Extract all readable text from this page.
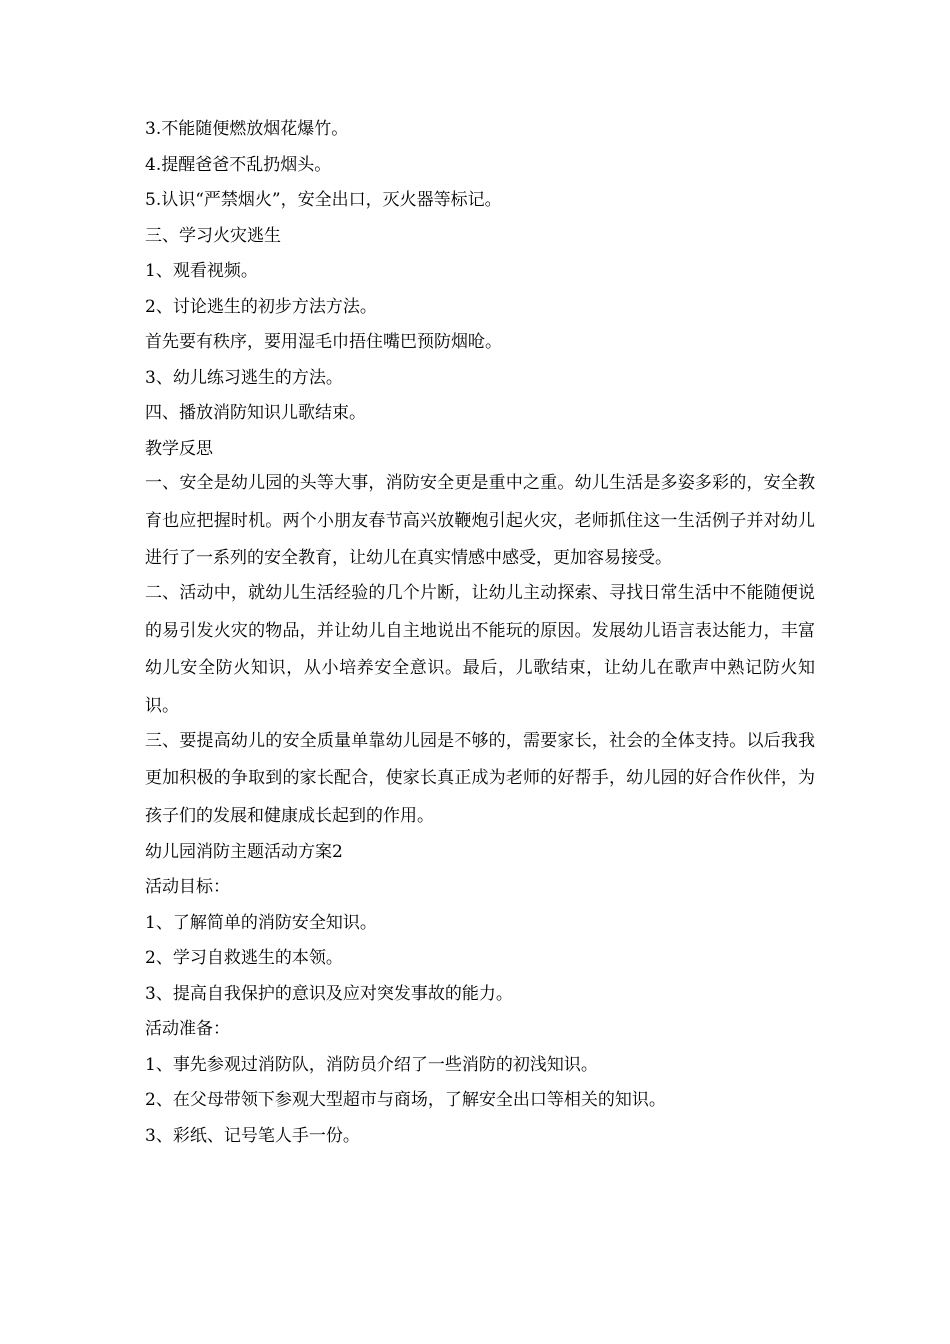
3.不能随便燃放烟花爆竹。
4.提醒爸爸不乱扔烟头。
5.认识“严禁烟火”，安全出口，灭火器等标记。
三、学习火灾逃生
1、观看视频。
2、讨论逃生的初步方法方法。
首先要有秩序，要用湿毛巾捂住嘴巴预防烟呛。
3、幼儿练习逃生的方法。
四、播放消防知识儿歌结束。
教学反思
一、安全是幼儿园的头等大事，消防安全更是重中之重。幼儿生活是多姿多彩的，安全教育也应把握时机。两个小朋友春节高兴放鞭炮引起火灾，老师抓住这一生活例子并对幼儿进行了一系列的安全教育，让幼儿在真实情感中感受，更加容易接受。
二、活动中，就幼儿生活经验的几个片断，让幼儿主动探索、寻找日常生活中不能随便说的易引发火灾的物品，并让幼儿自主地说出不能玩的原因。发展幼儿语言表达能力，丰富幼儿安全防火知识，从小培养安全意识。最后，儿歌结束，让幼儿在歌声中熟记防火知识。
三、要提高幼儿的安全质量单靠幼儿园是不够的，需要家长，社会的全体支持。以后我我更加积极的争取到的家长配合，使家长真正成为老师的好帮手，幼儿园的好合作伙伴，为孩子们的发展和健康成长起到的作用。
幼儿园消防主题活动方案2
活动目标：
1、了解简单的消防安全知识。
2、学习自救逃生的本领。
3、提高自我保护的意识及应对突发事故的能力。
活动准备：
1、事先参观过消防队，消防员介绍了一些消防的初浅知识。
2、在父母带领下参观大型超市与商场，了解安全出口等相关的知识。
3、彩纸、记号笔人手一份。
